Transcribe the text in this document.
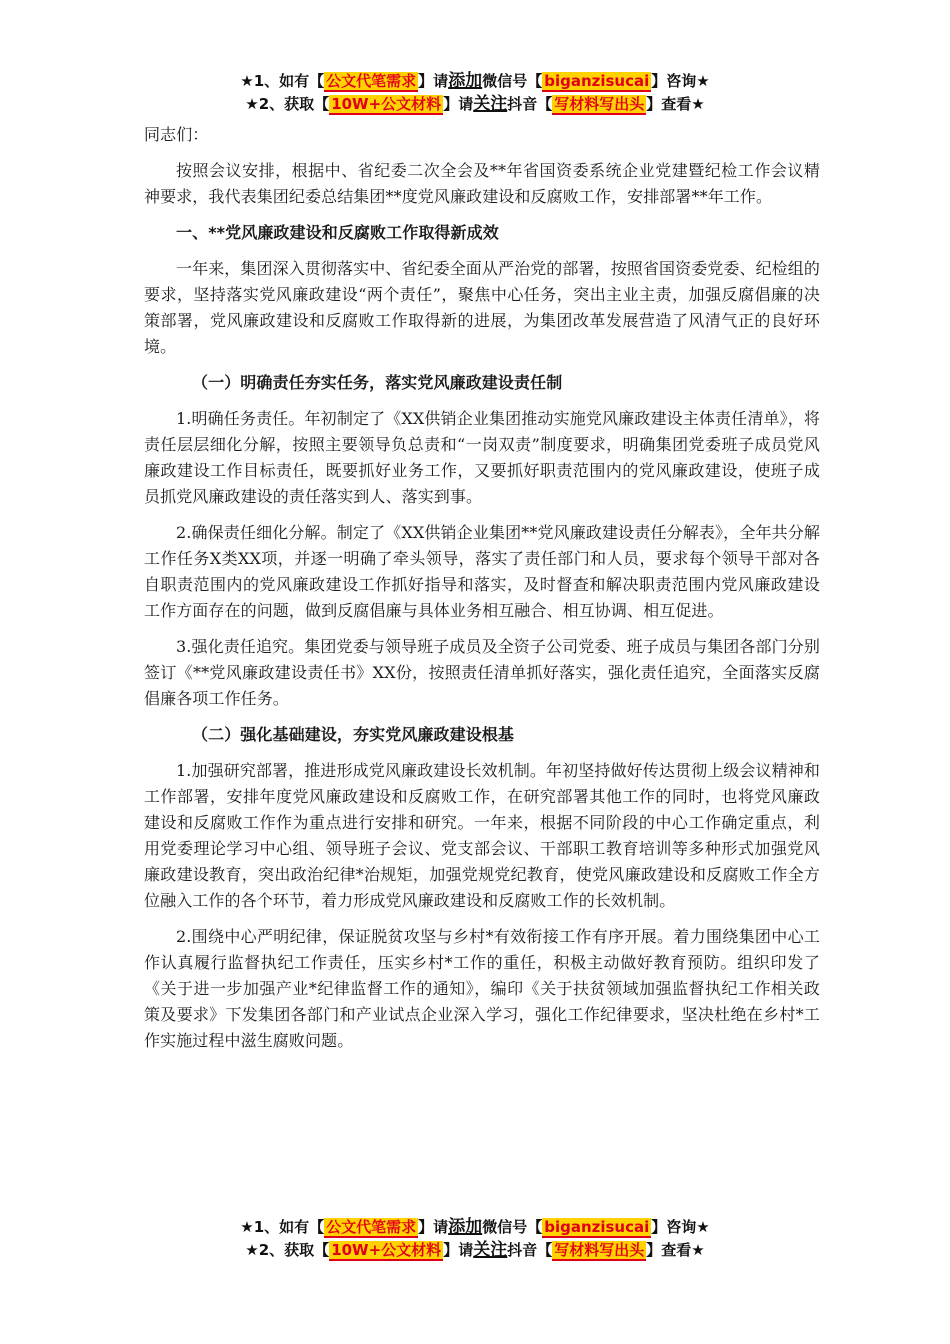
★1、如有【 公文代笔需求 】请添加微信号【 biganzisucai 】咨询★
★2、获取【 10W+公文材料 】请关注抖音【 写材料写出头 】查看★

同志们：

按照会议安排，根据中、省纪委二次全会及**年省国资委系统企业党建暨纪检工作会议精神要求，我代表集团纪委总结集团**度党风廉政建设和反腐败工作，安排部署**年工作。

一、**党风廉政建设和反腐败工作取得新成效

一年来，集团深入贯彻落实中、省纪委全面从严治党的部署，按照省国资委党委、纪检组的要求，坚持落实党风廉政建设“两个责任”，聚焦中心任务，突出主业主责，加强反腐倡廉的决策部署，党风廉政建设和反腐败工作取得新的进展，为集团改革发展营造了风清气正的良好环境。

（一）明确责任夯实任务，落实党风廉政建设责任制

1.明确任务责任。年初制定了《XX供销企业集团推动实施党风廉政建设主体责任清单》，将责任层层细化分解，按照主要领导负总责和“一岗双责”制度要求，明确集团党委班子成员党风廉政建设工作目标责任，既要抓好业务工作，又要抓好职责范围内的党风廉政建设，使班子成员抓党风廉政建设的责任落实到人、落实到事。

2.确保责任细化分解。制定了《XX供销企业集团**党风廉政建设责任分解表》，全年共分解工作任务X类XX项，并逐一明确了牵头领导，落实了责任部门和人员，要求每个领导干部对各自职责范围内的党风廉政建设工作抓好指导和落实，及时督查和解决职责范围内党风廉政建设工作方面存在的问题，做到反腐倡廉与具体业务相互融合、相互协调、相互促进。

3.强化责任追究。集团党委与领导班子成员及全资子公司党委、班子成员与集团各部门分别签订《**党风廉政建设责任书》XX份，按照责任清单抓好落实，强化责任追究，全面落实反腐倡廉各项工作任务。

（二）强化基础建设，夯实党风廉政建设根基

1.加强研究部署，推进形成党风廉政建设长效机制。年初坚持做好传达贯彻上级会议精神和工作部署，安排年度党风廉政建设和反腐败工作，在研究部署其他工作的同时，也将党风廉政建设和反腐败工作作为重点进行安排和研究。一年来，根据不同阶段的中心工作确定重点，利用党委理论学习中心组、领导班子会议、党支部会议、干部职工教育培训等多种形式加强党风廉政建设教育，突出政治纪律*治规矩，加强党规党纪教育，使党风廉政建设和反腐败工作全方位融入工作的各个环节，着力形成党风廉政建设和反腐败工作的长效机制。

2.围绕中心严明纪律，保证脱贫攻坚与乡村*有效衔接工作有序开展。着力围绕集团中心工作认真履行监督执纪工作责任，压实乡村*工作的重任，积极主动做好教育预防。组织印发了《关于进一步加强产业*纪律监督工作的通知》，编印《关于扶贫领域加强监督执纪工作相关政策及要求》下发集团各部门和产业试点企业深入学习，强化工作纪律要求，坚决杜绝在乡村*工作实施过程中滋生腐败问题。

★1、如有【 公文代笔需求 】请添加微信号【 biganzisucai 】咨询★
★2、获取【 10W+公文材料 】请关注抖音【 写材料写出头 】查看★
